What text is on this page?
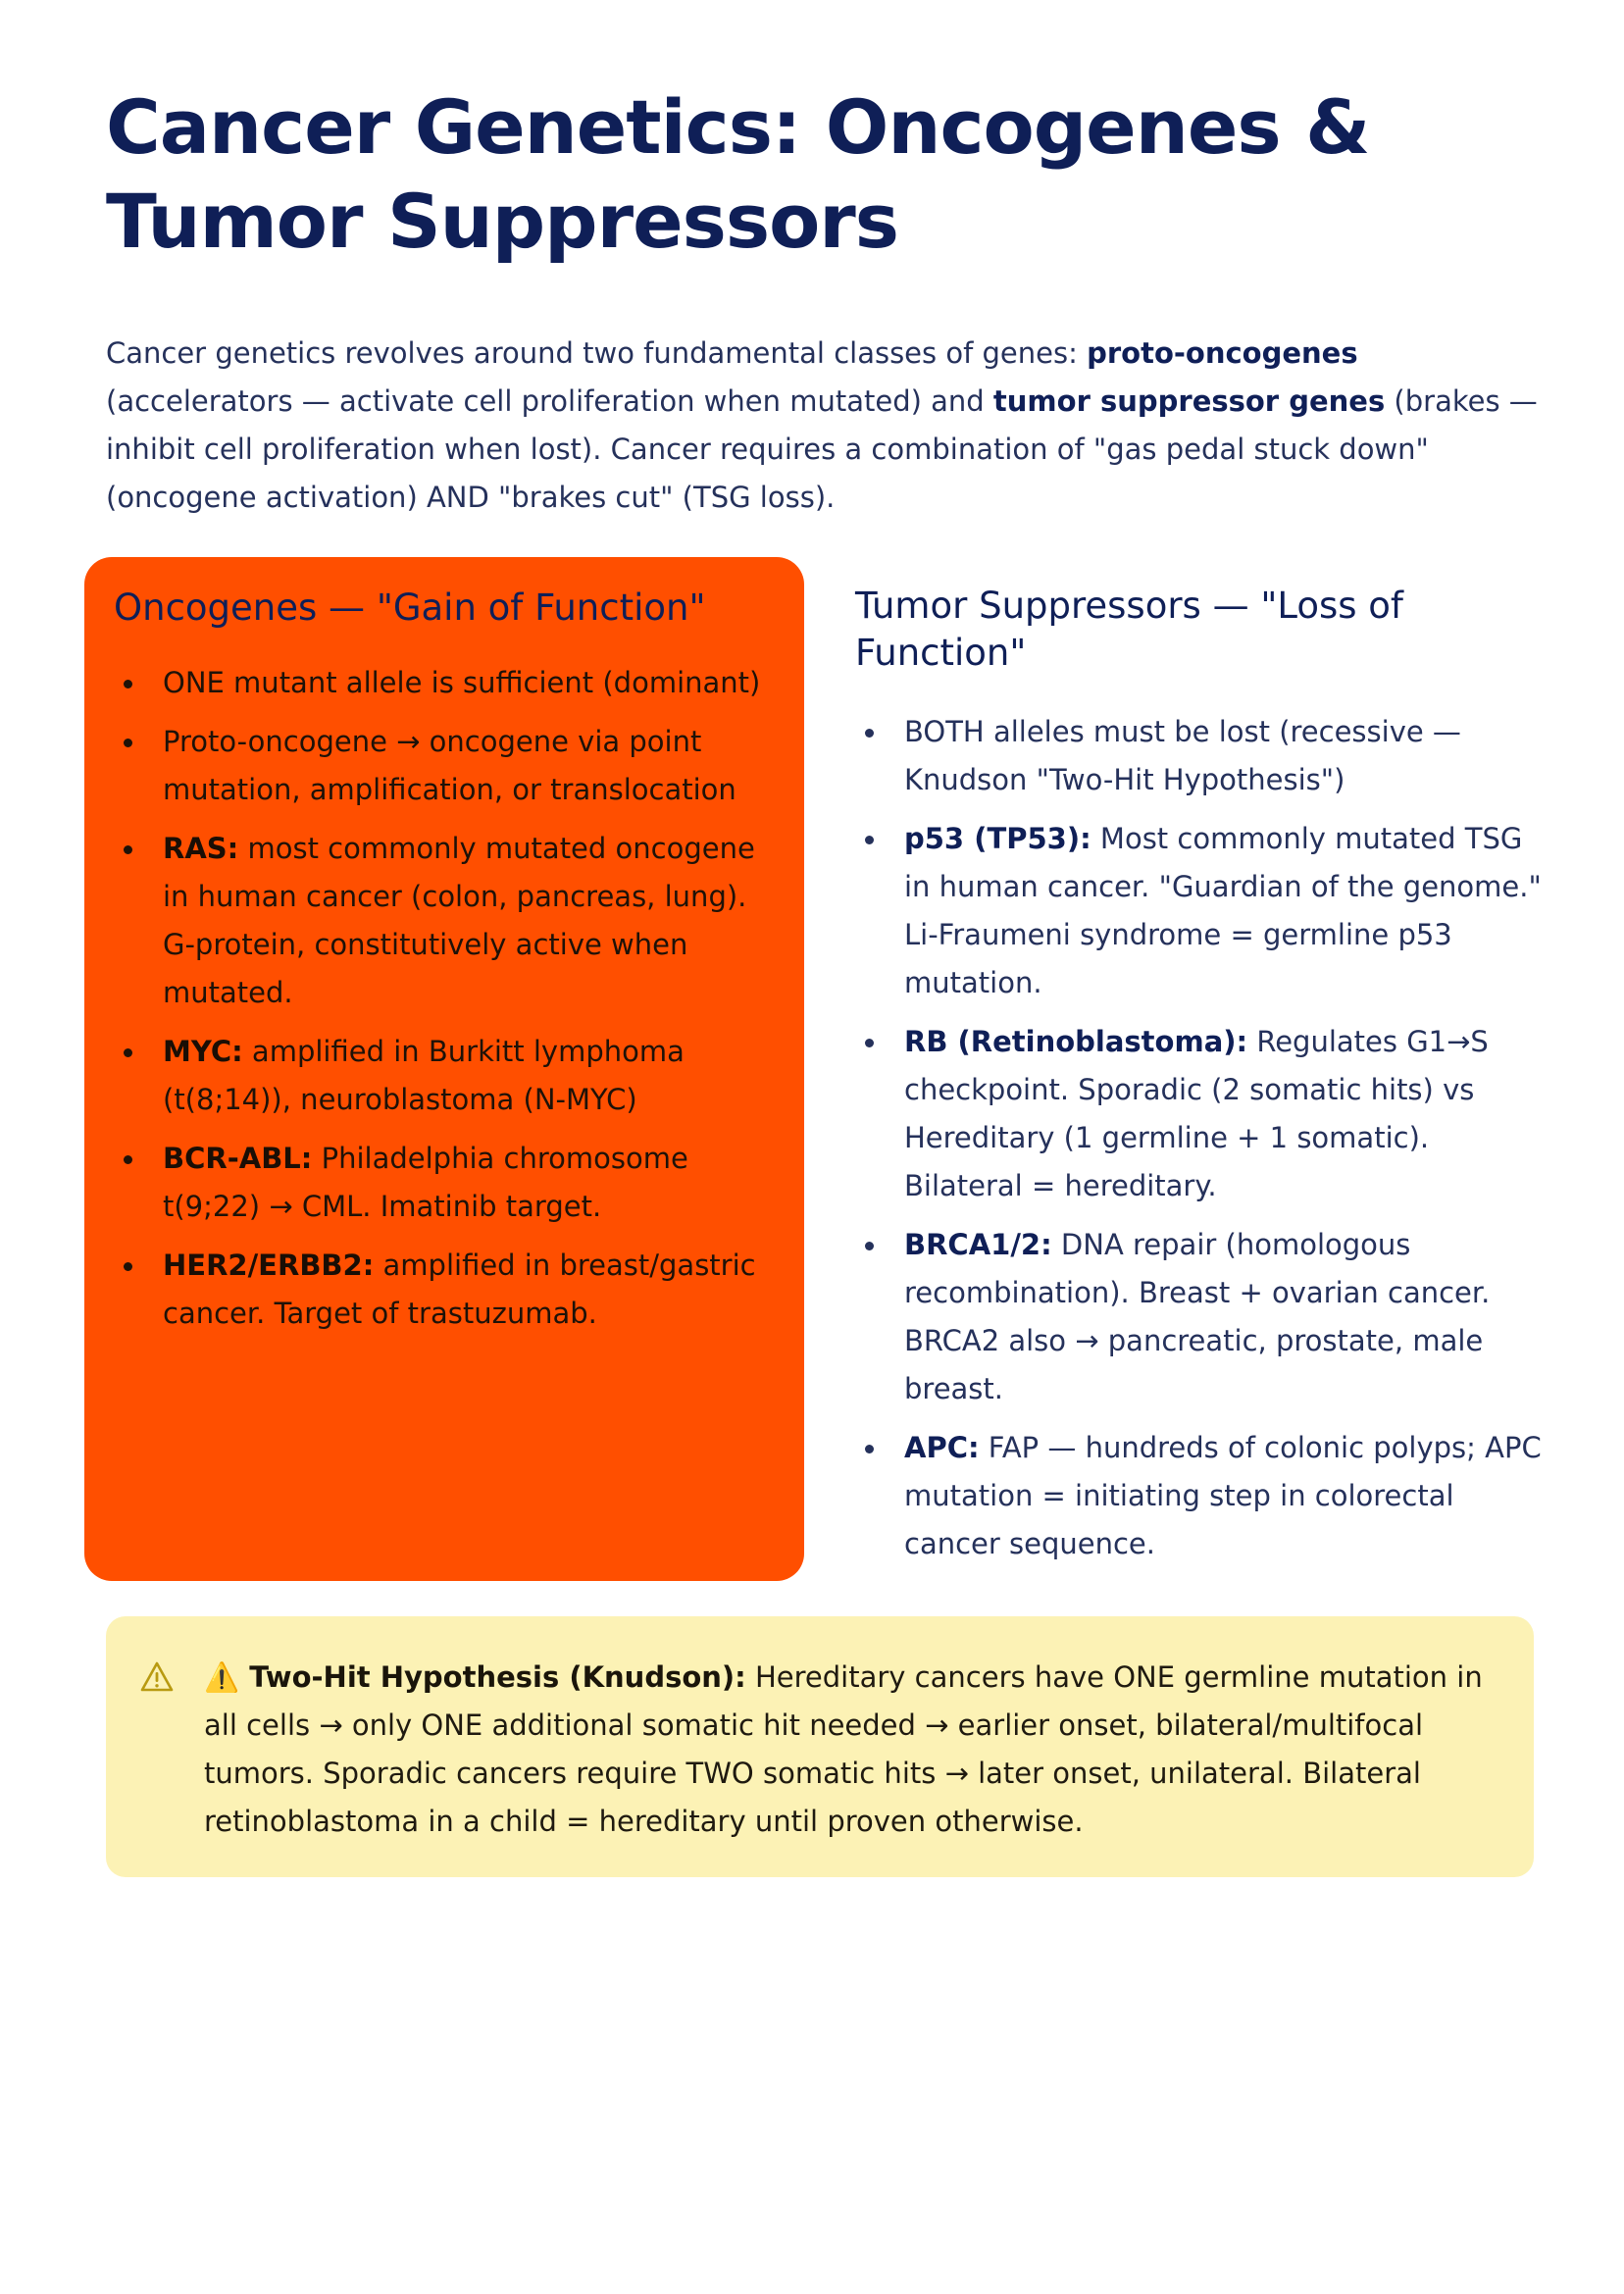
Cancer Genetics: Oncogenes & Tumor Suppressors

Cancer genetics revolves around two fundamental classes of genes: proto-oncogenes (accelerators — activate cell proliferation when mutated) and tumor suppressor genes (brakes — inhibit cell proliferation when lost). Cancer requires a combination of "gas pedal stuck down" (oncogene activation) AND "brakes cut" (TSG loss).

Oncogenes — "Gain of Function"
ONE mutant allele is sufficient (dominant)
Proto-oncogene → oncogene via point mutation, amplification, or translocation
RAS: most commonly mutated oncogene in human cancer (colon, pancreas, lung). G-protein, constitutively active when mutated.
MYC: amplified in Burkitt lymphoma (t(8;14)), neuroblastoma (N-MYC)
BCR-ABL: Philadelphia chromosome t(9;22) → CML. Imatinib target.
HER2/ERBB2: amplified in breast/gastric cancer. Target of trastuzumab.
Tumor Suppressors — "Loss of Function"
BOTH alleles must be lost (recessive — Knudson "Two-Hit Hypothesis")
p53 (TP53): Most commonly mutated TSG in human cancer. "Guardian of the genome." Li-Fraumeni syndrome = germline p53 mutation.
RB (Retinoblastoma): Regulates G1→S checkpoint. Sporadic (2 somatic hits) vs Hereditary (1 germline + 1 somatic). Bilateral = hereditary.
BRCA1/2: DNA repair (homologous recombination). Breast + ovarian cancer. BRCA2 also → pancreatic, prostate, male breast.
APC: FAP — hundreds of colonic polyps; APC mutation = initiating step in colorectal cancer sequence.

⚠️ Two-Hit Hypothesis (Knudson): Hereditary cancers have ONE germline mutation in all cells → only ONE additional somatic hit needed → earlier onset, bilateral/multifocal tumors. Sporadic cancers require TWO somatic hits → later onset, unilateral. Bilateral retinoblastoma in a child = hereditary until proven otherwise.
